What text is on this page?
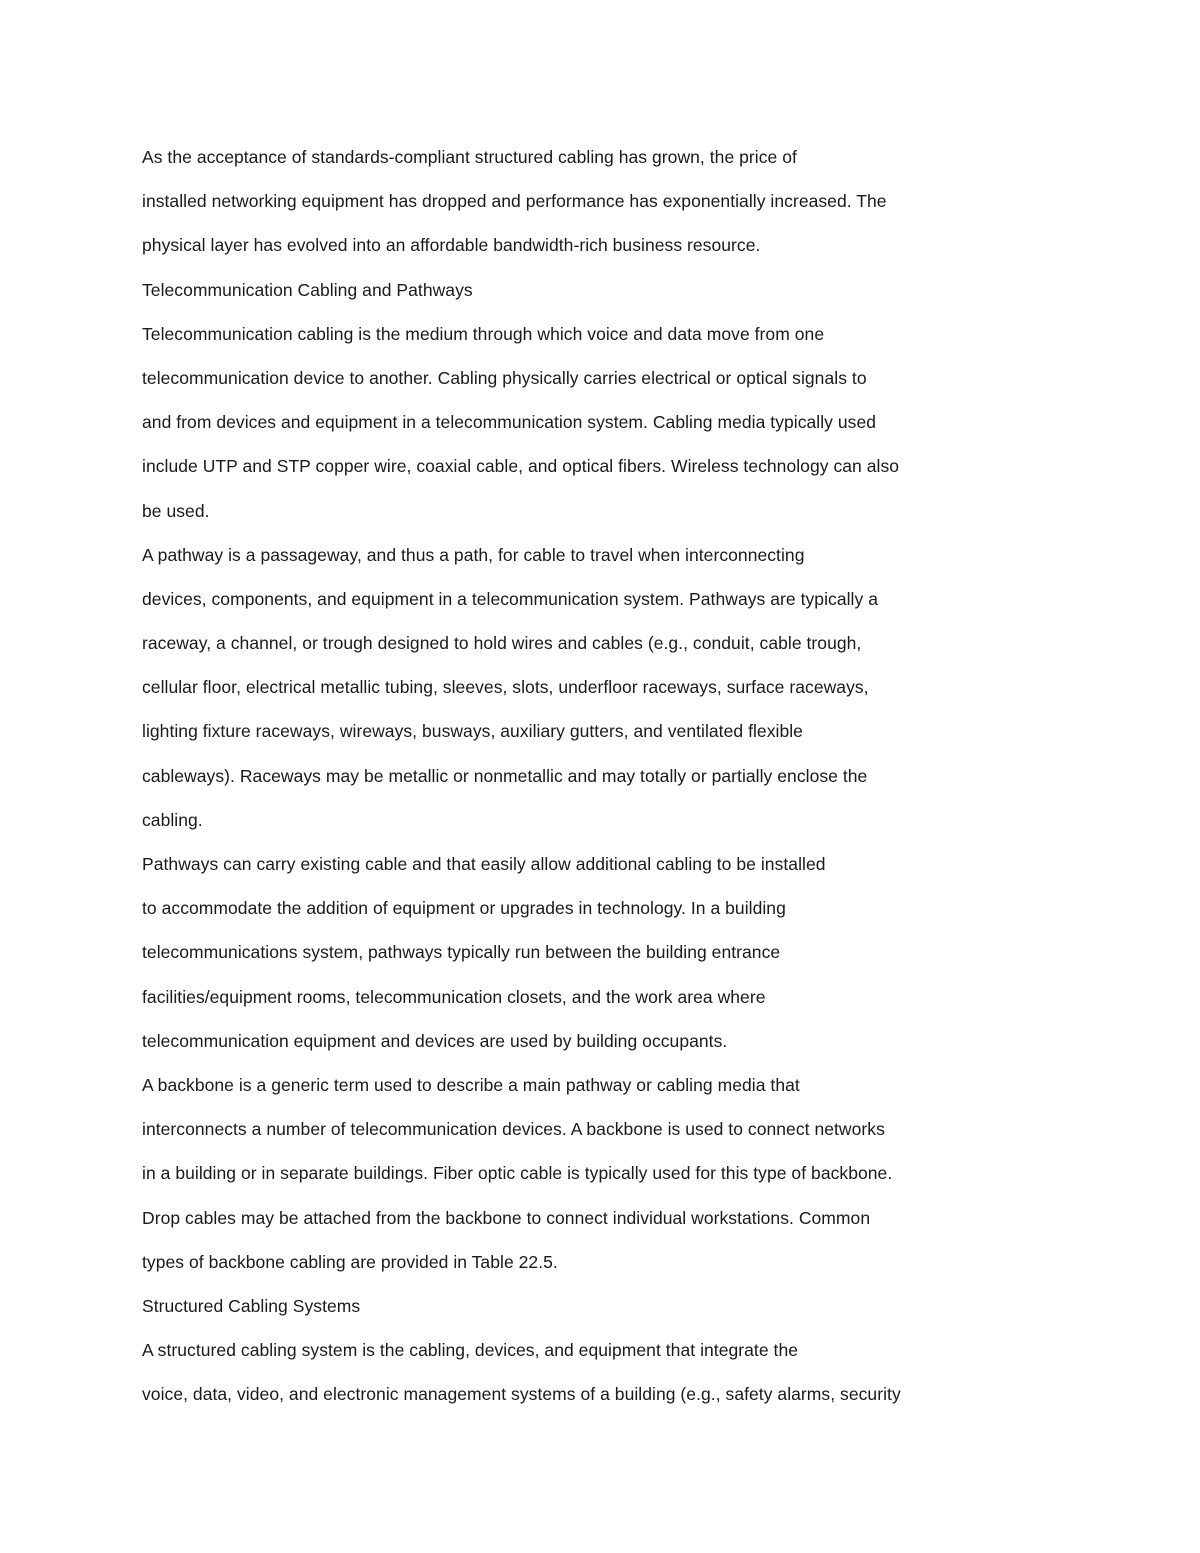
As the acceptance of standards-compliant structured cabling has grown, the price of
installed networking equipment has dropped and performance has exponentially increased. The
physical layer has evolved into an affordable bandwidth-rich business resource.
Telecommunication Cabling and Pathways
Telecommunication cabling is the medium through which voice and data move from one
telecommunication device to another. Cabling physically carries electrical or optical signals to
and from devices and equipment in a telecommunication system. Cabling media typically used
include UTP and STP copper wire, coaxial cable, and optical fibers. Wireless technology can also
be used.
A pathway is a passageway, and thus a path, for cable to travel when interconnecting
devices, components, and equipment in a telecommunication system. Pathways are typically a
raceway, a channel, or trough designed to hold wires and cables (e.g., conduit, cable trough,
cellular floor, electrical metallic tubing, sleeves, slots, underfloor raceways, surface raceways,
lighting fixture raceways, wireways, busways, auxiliary gutters, and ventilated flexible
cableways). Raceways may be metallic or nonmetallic and may totally or partially enclose the
cabling.
Pathways can carry existing cable and that easily allow additional cabling to be installed
to accommodate the addition of equipment or upgrades in technology. In a building
telecommunications system, pathways typically run between the building entrance
facilities/equipment rooms, telecommunication closets, and the work area where
telecommunication equipment and devices are used by building occupants.
A backbone is a generic term used to describe a main pathway or cabling media that
interconnects a number of telecommunication devices. A backbone is used to connect networks
in a building or in separate buildings. Fiber optic cable is typically used for this type of backbone.
Drop cables may be attached from the backbone to connect individual workstations. Common
types of backbone cabling are provided in Table 22.5.
Structured Cabling Systems
A structured cabling system is the cabling, devices, and equipment that integrate the
voice, data, video, and electronic management systems of a building (e.g., safety alarms, security
